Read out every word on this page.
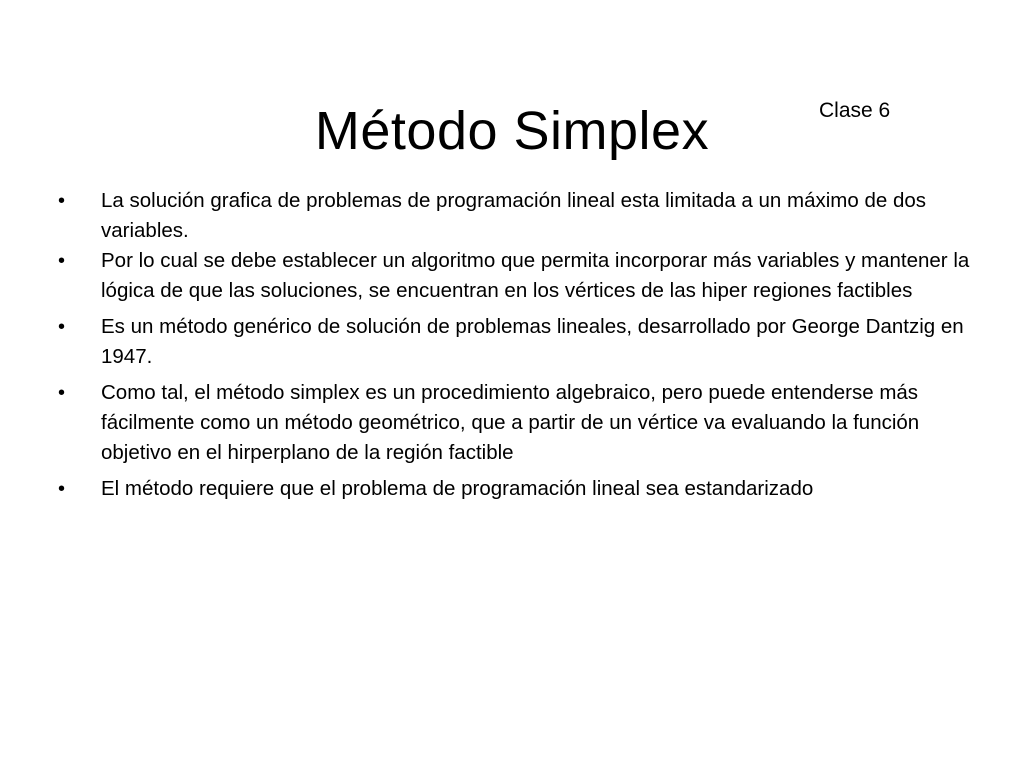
Método Simplex	Clase 6
•	La solución grafica de problemas de programación lineal esta limitada a un máximo de dos variables.
•	Por lo cual se debe establecer un algoritmo que permita incorporar más variables y mantener la lógica de que las soluciones, se encuentran en los vértices de las hiper regiones factibles
•	Es un método genérico de solución de problemas lineales, desarrollado por George Dantzig en 1947.
•	Como tal, el método simplex es un procedimiento algebraico, pero puede entenderse más fácilmente como un método geométrico, que a partir de un vértice va evaluando la función objetivo en el hirperplano de la región factible
•	El método requiere que el problema de programación lineal sea estandarizado
